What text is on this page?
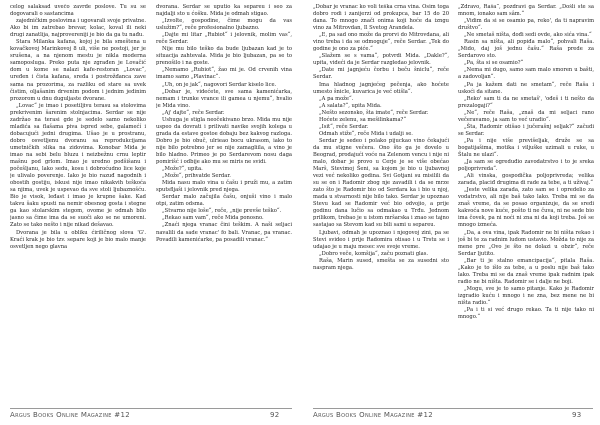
celog salaksad uvečo zavrde poslove. Tu su se dogovarali o sastancima

zajedničkim poslovima i ugovarali svoje privatne. Ako bi im zatrebao brevar, kolac, koval ili neki drugi zanatlija, najprovereniji je bio da ga tu nađu.

Stara Milanka kafana, kojoj je bila smeštena u kovačkovoj Marinkovoj 8 uli, više ne postoji, jer je srušena, a na njenom mestu je nikla moderna samoposluga. Preko puta nje zgrađen je Lovačić dom u kome se nalazi kafe-restoran „Lovac“, uređen i čista kafana, sređa i postrožđanca zave sama na prozorima, za razliku od stare sa uvek čistim, oljašanim drvenim podom i jednim jedinim prozorom u dnu duguljaste dvorane.

„Lovac“ je imao i posetiljivu terasu sa stolovima prekrivenim šarenim stolnjacima. Serdar se nije zadržao na terasi gde je sedelo samo nekoliko mladića sa flašama piva ispred sebe, galamećí i dobacujući jedni drugima. Ušao je u prostranu, dobro osvetljenu dvoranu sa reprodukcijama umetničkih slika na zidovima. Konobar Mida je imao na sebi belu bluzu i neizbežnu crnu leptir mašnu pod grlom. Imao je uredno podšišanu i počešljanu, lako sedu, kosu i dobroćudno lice koje je ulivalo poverenje. Iako je bio razuđ nagodnih i obostih gostiju, iskusi nije imao nikakvih teškoća sa njima, uvek je uspevao da sve stoli ljubaznošću. Bio je visok, leđast i imao je krupne šake. Kad takvu šaku spusti na nemir obesnog gosta i stegne ga kao stolarskim stegom, ovome je odmah bilo jasno sa čime ima da se suoči ako se ne umoreni. Zato se tako nešto i nije nikad dešavao.

Dvorana je bila u obliku ćiriličnog slova 'G'. Kraći krak je bio tzv. separe koji je bio malo manje osvetljen nego glavna

dvorana. Serdar se uputio ka separeu i seo za najdalji sto u ćošku. Mida je odmah stigao.

„Izvolte, gospodine, čime mogu da vas uslužim?“, reče profesionalno ljubazno.

„Dajte mi litar „Rubiot“ i jelovnik, molim vas“, reče Serdar.

Nije mu bilo teško da bude ljubazan kad je to situacija zahtevala. Mida je bio ljubazan, pa se to prenošilo i na goste.

„Nemamo „Rubiot“, žao mi je. Od crvenih vina imamo samo „Plavinac“.

„Uh, on je jak“, nagovori Serdar kiselo lice.

„Dobar je, videćete, sve sama kamenićarka, nemam i trunke vrance ili gamea u njemu“, hvalio je Mida vino.

„Aj' dajte“, reče Serdar.

Ushuga je stigla neočekivano brzo. Mida mu nije uspeo da dovrati i prilivati navike svojih kolega u grada da estave gostoe dobaju bez kakvog razloga. Dobro je bio obuč, ulrieao bocu ukrasom, iako to nije bilo potrebno jer se nije zamagliila, a vino je bilo hladno. Primeo je po Serdarevom nosu daga pomirišć i odbije ako mu se miris ne svidi.

„Može?“, upita.

„Može“, prihvatde Serdar.

Mida nasu malo vina u čašu i pruži mu, a zatim sputsfljaši i jelovnik pred njega.

Serdar malo začujila čašu, onjuši vino i malo otpi, zatim odsma.

„Stvarno nije loše“, reče, „nije prevše teško“.

„Rekao sam vam“, reče Mida ponosno.

„Znaći njega vranac čini teškim. A naši seljaci navalili da sade vranac' fo bali. Vranac, pa vranac. Povadili kamenićarke, pa posadili vranac.“

Argus Books Online Magazine #12	92

„Dobar je vranac ko voli teška crna vina. Osim toga dobro rodi i zanijerzi od prokupca, bar 15 do 20 dana. To mnogo znači onima koji hoće da izngu vino za Mitrovdan, Il Svetog Arandela.

„E, pa sad ono može da prorvi do Mitrovdana, ali vino treba i da se odmoguje“, reče Serdar. „Tek do godine je ono za piće.“

„Slažem se s vama“, potvrdi Mida. „Dakle?“, upita, videći da je Serdar razgledao jelovnik.

„Date mi jagnjeću čorbu i beču šniclu“, reče Serdar.

Ima hladnog jagnjećeg pečenja, ako hoćete umesto šnicle, kuvarica je već otišla“.

„A pa može“.

„A salata?“, upita Mida.

„Nešto sezonsko, šta imate“, reče Serdar.

Hoćete zelenu, sa mešilinkama?“

„Isit“, reče Serdar.

Odmah stiže“, reče Mida i udalji se.

Serdar je sedeo i polako pijuckao vino čekajući da mu stigne večera. Ono što ga je dovelo u Beograd, prodajući voće na Zelenom vencu i nije ni malo, dobar je provo u Cerje je se više obećao Marš, Stevimoj Šeni, sa kojom je bio u ljubavnoj vezi već nekoliko godina. Svi Gotjani su misilili da su se on i Radomir zbog nje zavadili i da se mrze zato što je Radomir bio od Serdara ka i bio u njoj, mada u stvarnosti nije bilo tako. Serdar je upoznao Stevu kad se Radomir već bio odvojio, a prije godinu dana lučio sa odmakao u Trđu. Jednom prilikom, trebao je u istom mršarska i znao se tajno sastajao sa Stevom kad su bili sami u separeu.

Ljubavi, odmah je upoznao i njegovoj zini, pa se Stevi svideo i prije Radomira otisao i u Trstu se i udajao je u maju mesec sve svoje vreme.

„Dobro veče, komšija“, začu poznati glas.

Raša, Marin sused, smešta se za susedni sto naspram njega.

„Zdravo, Raša“, pozdravi ga Serdar. „Došli ste sa mnom, ionako sam sâm.“

„Vidim da si se osamio pa, reko', da ti napravim društvo“.

„Ne smetaš ništa, dođi sedi ovde, ako sića vina.“

Rasin sa ništa, ali popiđa malo“, pohvali Raša. „Mido, daj još jednu čašu.“ Raša prede za Serdarovo sto.

„Pa, šta si se osamio?“

„Nema mi dugo, samo sam malo smoren u bašti, a zadovoljan“.

„Pa ja kažem dati ne smetam“, reče Raša i uskoći da sitane.

„Reko' sam ti da ne smetaš', 'ođeš i ti nešto da prezalogaji?“

„Ne“, reče Raša, „znaš da mi seljaci rano večeravamo, ja sam to već uradio“.

„Šta, Radomir otišao i jučerašnj seljak?“ začudi se Serdar.

„Pa i nije više previšeljak, druže se sa bogatijašima, motika i viljuške uzimali u ruke, u Štalu ne ulazi“.

„Ja sam se ogreduđio zavodatrstvo i to je sreka poljoprivreda“.

„Ali vinska, gospodička poljoprivreda; velika zarada, placiđ drugima di rade za tebe, a ti uživaj.“

„Jeste velika zarada, zato sam se i opredelio za vodatrstvo, ali nije baš tako lako. Treba mi se da znaš vreme, da se posao organizuje, da se sredi kakvoća nove kuće, pošto ti ne čuva, ni ne sede bio ima čovek, pa ni noći ni zna ni da koji treba. Još se mnogo izmeća.

„Da, a ova vina, ipak Radomir ne bi ništa rekao i još bi te za radnim ludom ustavio. Možda to nije za mene pre „Ovo je što ne dolazi u obzir“, reče Serdar ljutito.

„Bar ti je stalno emancipacija“, pitala Raša. „Kako je to išlo za tebe, a u poslu nije baš tako lako. Treba mi se da znaš vreme ipak radnim ipak radio ne bi ništa. Radomir se i dalje ne boji.

„Mogu, sve je to samo pitanje. Kako je Radomir izgradio kuću i mnogo i ne zna, bez mene ne bi ništa radio.“

„Pa i ti si već drugo rekao. Ta ti nije tako ni mnogo.“

Argus Books Online Magazine #12	93
